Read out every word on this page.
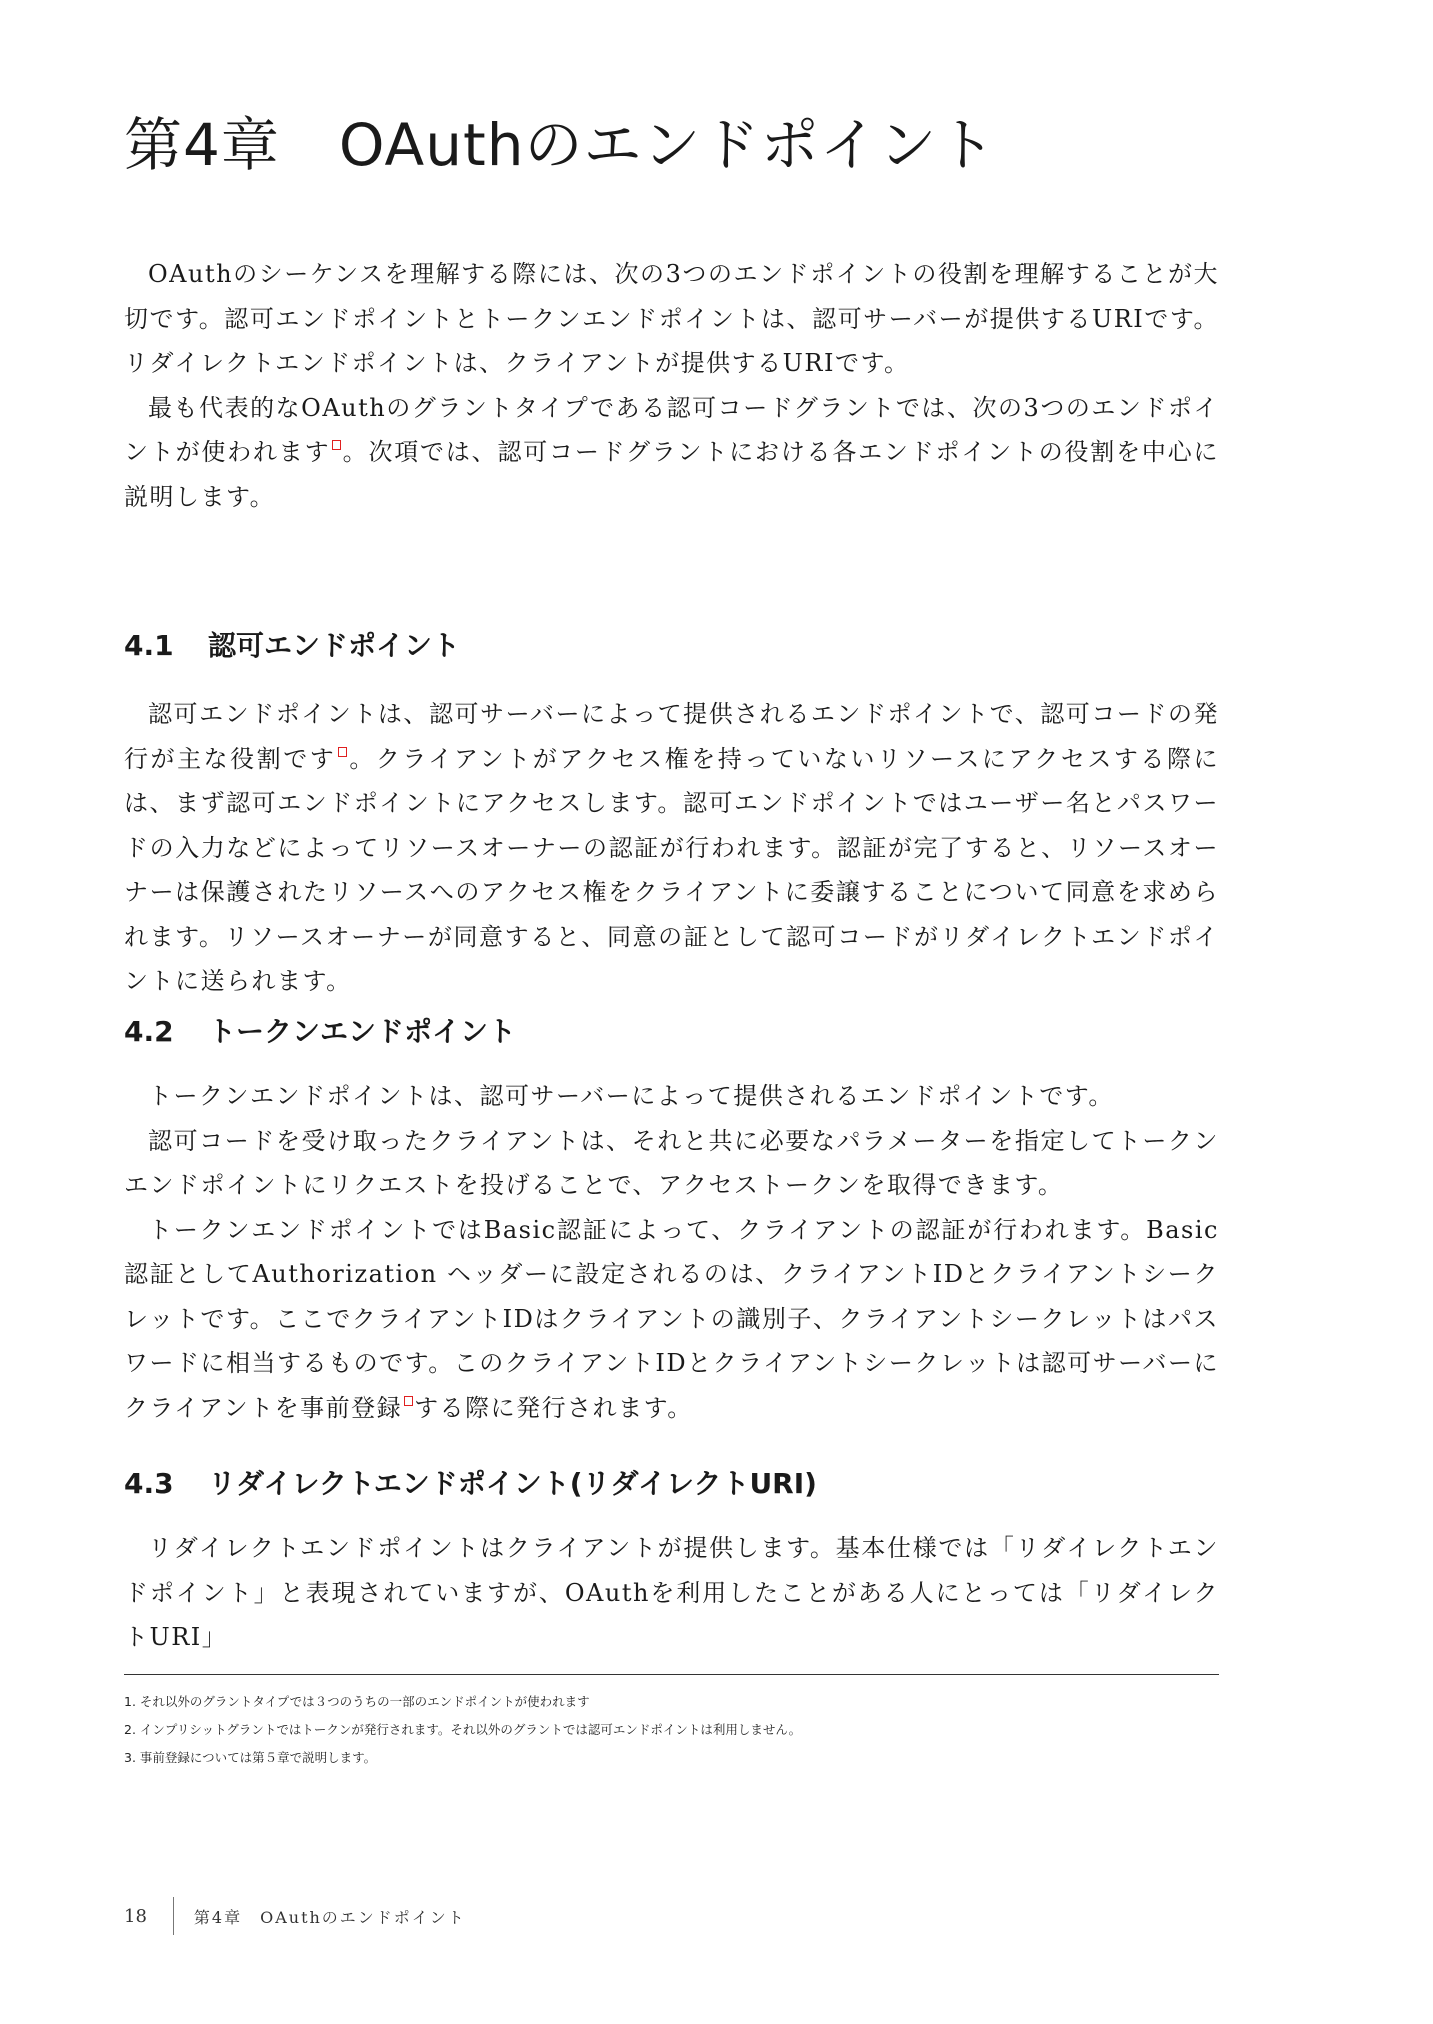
第4章　OAuthのエンドポイント

OAuthのシーケンスを理解する際には、次の3つのエンドポイントの役割を理解することが大切です。認可エンドポイントとトークンエンドポイントは、認可サーバーが提供するURIです。リダイレクトエンドポイントは、クライアントが提供するURIです。

最も代表的なOAuthのグラントタイプである認可コードグラントでは、次の3つのエンドポイントが使われます 。次項では、認可コードグラントにおける各エンドポイントの役割を中心に説明します。

4.1 認可エンドポイント

認可エンドポイントは、認可サーバーによって提供されるエンドポイントで、認可コードの発行が主な役割です 。クライアントがアクセス権を持っていないリソースにアクセスする際には、まず認可エンドポイントにアクセスします。認可エンドポイントではユーザー名とパスワードの入力などによってリソースオーナーの認証が行われます。認証が完了すると、リソースオーナーは保護されたリソースへのアクセス権をクライアントに委譲することについて同意を求められます。リソースオーナーが同意すると、同意の証として認可コードがリダイレクトエンドポイントに送られます。

4.2 トークンエンドポイント

トークンエンドポイントは、認可サーバーによって提供されるエンドポイントです。

認可コードを受け取ったクライアントは、それと共に必要なパラメーターを指定してトークンエンドポイントにリクエストを投げることで、アクセストークンを取得できます。

トークンエンドポイントではBasic認証によって、クライアントの認証が行われます。Basic認証としてAuthorization ヘッダーに設定されるのは、クライアントIDとクライアントシークレットです。ここでクライアントIDはクライアントの識別子、クライアントシークレットはパスワードに相当するものです。このクライアントIDとクライアントシークレットは認可サーバーにクライアントを事前登録 する際に発行されます。

4.3 リダイレクトエンドポイント(リダイレクトURI)

リダイレクトエンドポイントはクライアントが提供します。基本仕様では「リダイレクトエンドポイント」と表現されていますが、OAuthを利用したことがある人にとっては「リダイレクトURI」

1. それ以外のグラントタイプでは３つのうちの一部のエンドポイントが使われます
2. インプリシットグラントではトークンが発行されます。それ以外のグラントでは認可エンドポイントは利用しません。
3. 事前登録については第５章で説明します。
18	第4章　OAuthのエンドポイント
